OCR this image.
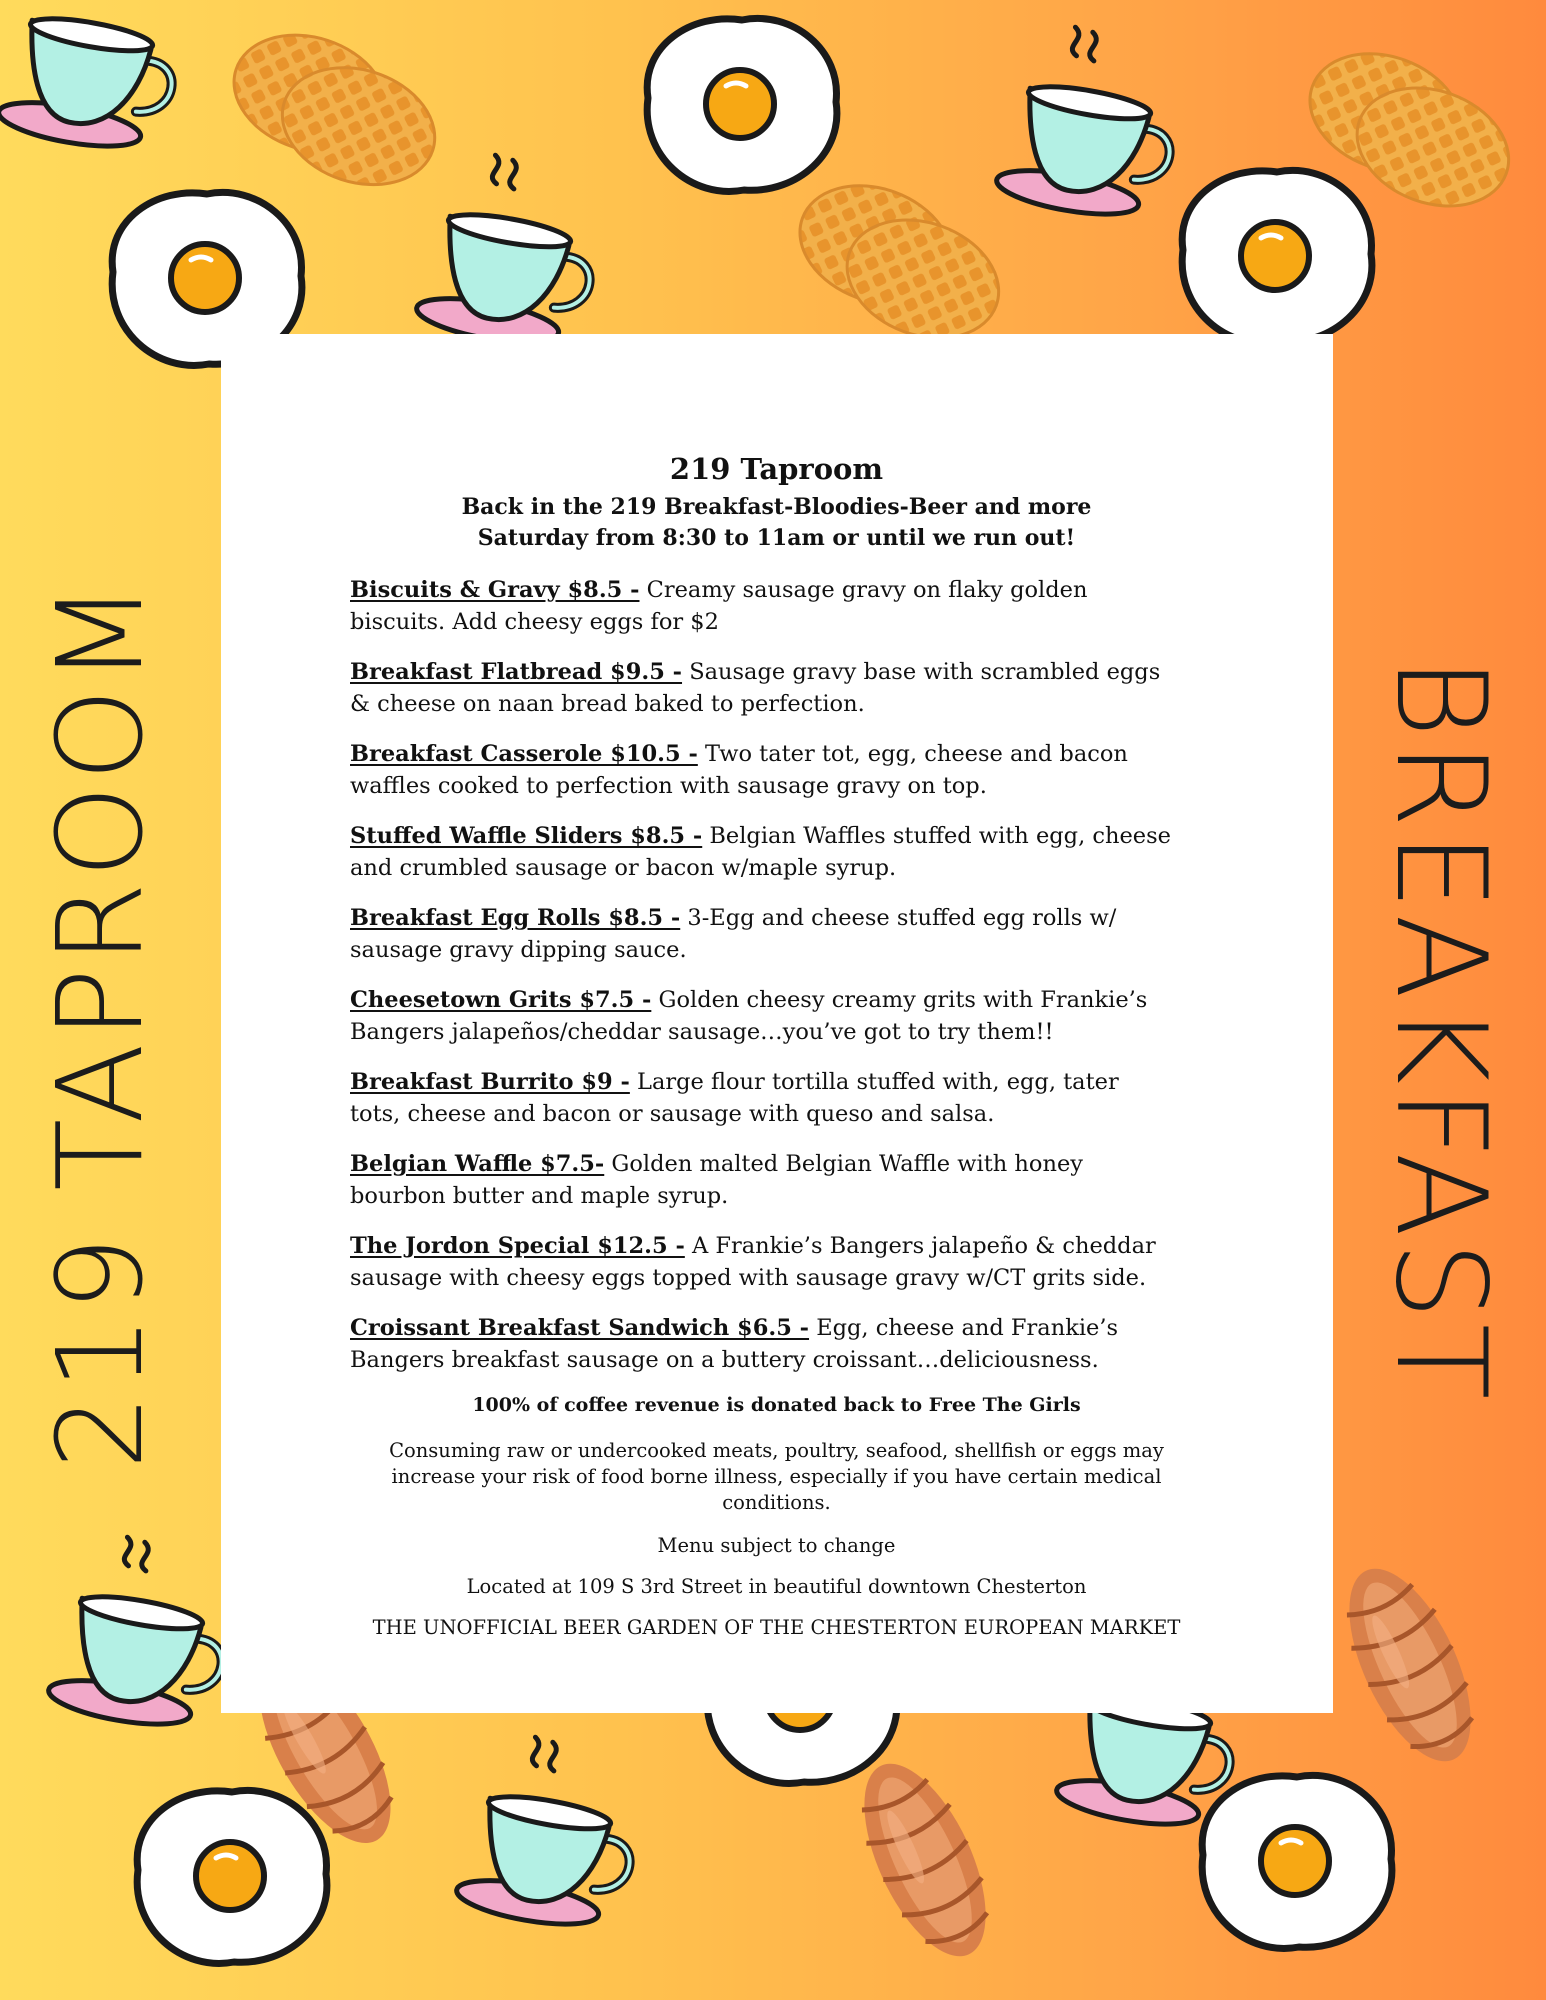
219 TAPROOM	BREAKFAST
219 Taproom
Back in the 219 Breakfast-Bloodies-Beer and more
Saturday from 8:30 to 11am or until we run out!
Biscuits & Gravy $8.5 - Creamy sausage gravy on flaky golden
biscuits. Add cheesy eggs for $2
Breakfast Flatbread $9.5 - Sausage gravy base with scrambled eggs
& cheese on naan bread baked to perfection.
Breakfast Casserole $10.5 - Two tater tot, egg, cheese and bacon
waffles cooked to perfection with sausage gravy on top.
Stuffed Waffle Sliders $8.5 - Belgian Waffles stuffed with egg, cheese
and crumbled sausage or bacon w/maple syrup.
Breakfast Egg Rolls $8.5 - 3-Egg and cheese stuffed egg rolls w/
sausage gravy dipping sauce.
Cheesetown Grits $7.5 - Golden cheesy creamy grits with Frankie’s
Bangers jalapeños/cheddar sausage…you’ve got to try them!!
Breakfast Burrito $9 - Large flour tortilla stuffed with, egg, tater
tots, cheese and bacon or sausage with queso and salsa.
Belgian Waffle $7.5- Golden malted Belgian Waffle with honey
bourbon butter and maple syrup.
The Jordon Special $12.5 - A Frankie’s Bangers jalapeño & cheddar
sausage with cheesy eggs topped with sausage gravy w/CT grits side.
Croissant Breakfast Sandwich $6.5 - Egg, cheese and Frankie’s
Bangers breakfast sausage on a buttery croissant…deliciousness.
100% of coffee revenue is donated back to Free The Girls
Consuming raw or undercooked meats, poultry, seafood, shellfish or eggs may increase your risk of food borne illness, especially if you have certain medical conditions.
Menu subject to change
Located at 109 S 3rd Street in beautiful downtown Chesterton
THE UNOFFICIAL BEER GARDEN OF THE CHESTERTON EUROPEAN MARKET
